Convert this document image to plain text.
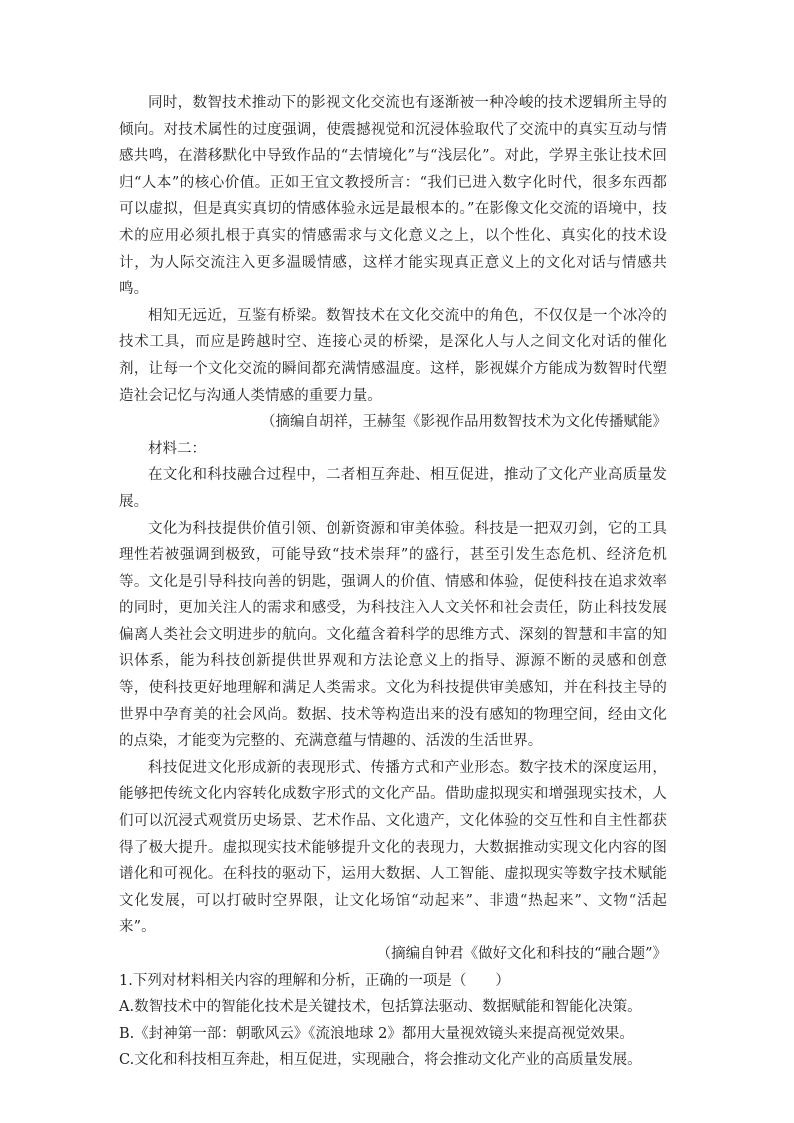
同时，数智技术推动下的影视文化交流也有逐渐被一种冷峻的技术逻辑所主导的倾向。对技术属性的过度强调，使震撼视觉和沉浸体验取代了交流中的真实互动与情感共鸣，在潜移默化中导致作品的“去情境化”与“浅层化”。对此，学界主张让技术回归“人本”的核心价值。正如王宜文教授所言：“我们已进入数字化时代，很多东西都可以虚拟，但是真实真切的情感体验永远是最根本的。”在影像文化交流的语境中，技术的应用必须扎根于真实的情感需求与文化意义之上，以个性化、真实化的技术设计，为人际交流注入更多温暖情感，这样才能实现真正意义上的文化对话与情感共鸣。

相知无远近，互鉴有桥梁。数智技术在文化交流中的角色，不仅仅是一个冰冷的技术工具，而应是跨越时空、连接心灵的桥梁，是深化人与人之间文化对话的催化剂，让每一个文化交流的瞬间都充满情感温度。这样，影视媒介方能成为数智时代塑造社会记忆与沟通人类情感的重要力量。

（摘编自胡祥，王赫玺《影视作品用数智技术为文化传播赋能》

材料二：

在文化和科技融合过程中，二者相互奔赴、相互促进，推动了文化产业高质量发展。

文化为科技提供价值引领、创新资源和审美体验。科技是一把双刃剑，它的工具理性若被强调到极致，可能导致“技术崇拜”的盛行，甚至引发生态危机、经济危机等。文化是引导科技向善的钥匙，强调人的价值、情感和体验，促使科技在追求效率的同时，更加关注人的需求和感受，为科技注入人文关怀和社会责任，防止科技发展偏离人类社会文明进步的航向。文化蕴含着科学的思维方式、深刻的智慧和丰富的知识体系，能为科技创新提供世界观和方法论意义上的指导、源源不断的灵感和创意等，使科技更好地理解和满足人类需求。文化为科技提供审美感知，并在科技主导的世界中孕育美的社会风尚。数据、技术等构造出来的没有感知的物理空间，经由文化的点染，才能变为完整的、充满意蕴与情趣的、活泼的生活世界。

科技促进文化形成新的表现形式、传播方式和产业形态。数字技术的深度运用，能够把传统文化内容转化成数字形式的文化产品。借助虚拟现实和增强现实技术，人们可以沉浸式观赏历史场景、艺术作品、文化遗产，文化体验的交互性和自主性都获得了极大提升。虚拟现实技术能够提升文化的表现力，大数据推动实现文化内容的图谱化和可视化。在科技的驱动下，运用大数据、人工智能、虚拟现实等数字技术赋能文化发展，可以打破时空界限，让文化场馆“动起来”、非遗“热起来”、文物“活起来”。

（摘编自钟君《做好文化和科技的“融合题”》

1.下列对材料相关内容的理解和分析，正确的一项是（　　）

A.数智技术中的智能化技术是关键技术，包括算法驱动、数据赋能和智能化决策。

B.《封神第一部：朝歌风云》《流浪地球 2》都用大量视效镜头来提高视觉效果。

C.文化和科技相互奔赴，相互促进，实现融合，将会推动文化产业的高质量发展。
